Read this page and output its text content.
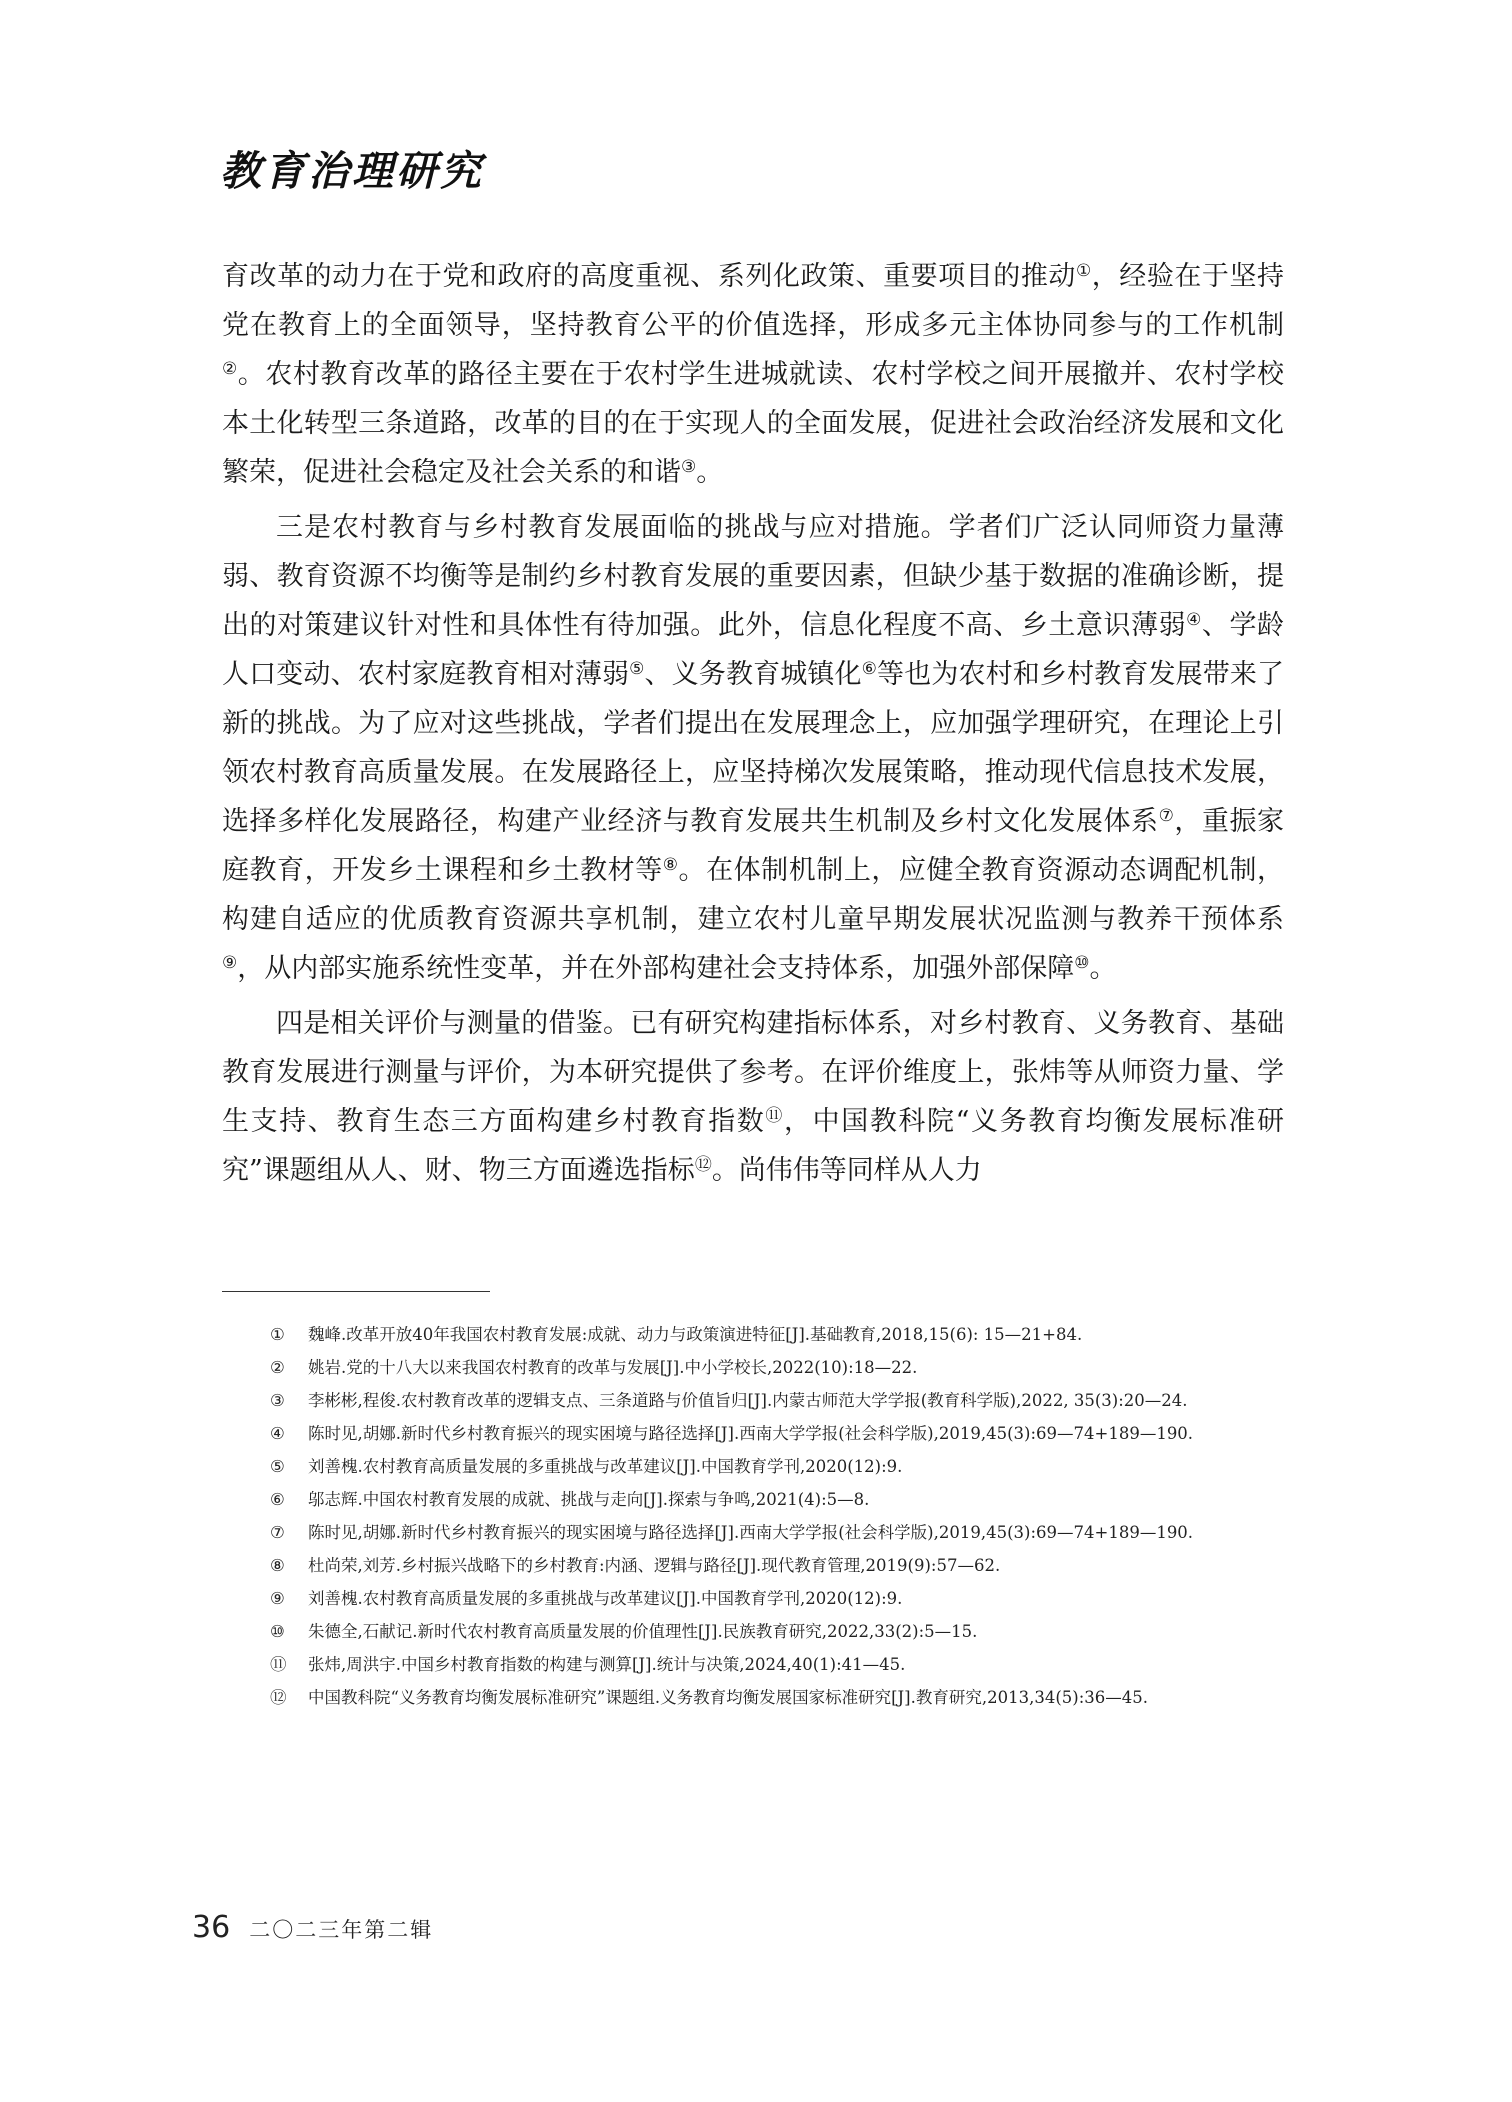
教育治理研究

育改革的动力在于党和政府的高度重视、系列化政策、重要项目的推动①，经验在于坚持党在教育上的全面领导，坚持教育公平的价值选择，形成多元主体协同参与的工作机制②。农村教育改革的路径主要在于农村学生进城就读、农村学校之间开展撤并、农村学校本土化转型三条道路，改革的目的在于实现人的全面发展，促进社会政治经济发展和文化繁荣，促进社会稳定及社会关系的和谐③。

三是农村教育与乡村教育发展面临的挑战与应对措施。学者们广泛认同师资力量薄弱、教育资源不均衡等是制约乡村教育发展的重要因素，但缺少基于数据的准确诊断，提出的对策建议针对性和具体性有待加强。此外，信息化程度不高、乡土意识薄弱④、学龄人口变动、农村家庭教育相对薄弱⑤、义务教育城镇化⑥等也为农村和乡村教育发展带来了新的挑战。为了应对这些挑战，学者们提出在发展理念上，应加强学理研究，在理论上引领农村教育高质量发展。在发展路径上，应坚持梯次发展策略，推动现代信息技术发展，选择多样化发展路径，构建产业经济与教育发展共生机制及乡村文化发展体系⑦，重振家庭教育，开发乡土课程和乡土教材等⑧。在体制机制上，应健全教育资源动态调配机制，构建自适应的优质教育资源共享机制，建立农村儿童早期发展状况监测与教养干预体系⑨，从内部实施系统性变革，并在外部构建社会支持体系，加强外部保障⑩。

四是相关评价与测量的借鉴。已有研究构建指标体系，对乡村教育、义务教育、基础教育发展进行测量与评价，为本研究提供了参考。在评价维度上，张炜等从师资力量、学生支持、教育生态三方面构建乡村教育指数⑪，中国教科院“义务教育均衡发展标准研究”课题组从人、财、物三方面遴选指标⑫。尚伟伟等同样从人力

① 魏峰.改革开放40年我国农村教育发展:成就、动力与政策演进特征[J].基础教育,2018,15(6): 15—21+84.

② 姚岩.党的十八大以来我国农村教育的改革与发展[J].中小学校长,2022(10):18—22.

③ 李彬彬,程俊.农村教育改革的逻辑支点、三条道路与价值旨归[J].内蒙古师范大学学报(教育科学版),2022, 35(3):20—24.

④ 陈时见,胡娜.新时代乡村教育振兴的现实困境与路径选择[J].西南大学学报(社会科学版),2019,45(3):69—74+189—190.

⑤ 刘善槐.农村教育高质量发展的多重挑战与改革建议[J].中国教育学刊,2020(12):9.

⑥ 邬志辉.中国农村教育发展的成就、挑战与走向[J].探索与争鸣,2021(4):5—8.

⑦ 陈时见,胡娜.新时代乡村教育振兴的现实困境与路径选择[J].西南大学学报(社会科学版),2019,45(3):69—74+189—190.

⑧ 杜尚荣,刘芳.乡村振兴战略下的乡村教育:内涵、逻辑与路径[J].现代教育管理,2019(9):57—62.

⑨ 刘善槐.农村教育高质量发展的多重挑战与改革建议[J].中国教育学刊,2020(12):9.

⑩ 朱德全,石献记.新时代农村教育高质量发展的价值理性[J].民族教育研究,2022,33(2):5—15.

⑪ 张炜,周洪宇.中国乡村教育指数的构建与测算[J].统计与决策,2024,40(1):41—45.

⑫ 中国教科院“义务教育均衡发展标准研究”课题组.义务教育均衡发展国家标准研究[J].教育研究,2013,34(5):36—45.

36 二〇二三年第二辑
